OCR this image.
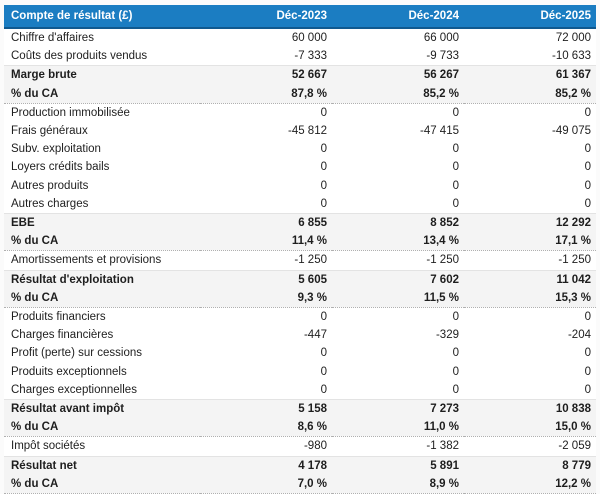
Compte de résultat (£)	Déc-2023	Déc-2024	Déc-2025
Chiffre d'affaires	60 000	66 000	72 000
Coûts des produits vendus	-7 333	-9 733	-10 633
Marge brute	52 667	56 267	61 367
% du CA	87,8 %	85,2 %	85,2 %
Production immobilisée	0	0	0
Frais généraux	-45 812	-47 415	-49 075
Subv. exploitation	0	0	0
Loyers crédits bails	0	0	0
Autres produits	0	0	0
Autres charges	0	0	0
EBE	6 855	8 852	12 292
% du CA	11,4 %	13,4 %	17,1 %
Amortissements et provisions	-1 250	-1 250	-1 250
Résultat d'exploitation	5 605	7 602	11 042
% du CA	9,3 %	11,5 %	15,3 %
Produits financiers	0	0	0
Charges financières	-447	-329	-204
Profit (perte) sur cessions	0	0	0
Produits exceptionnels	0	0	0
Charges exceptionnelles	0	0	0
Résultat avant impôt	5 158	7 273	10 838
% du CA	8,6 %	11,0 %	15,0 %
Impôt sociétés	-980	-1 382	-2 059
Résultat net	4 178	5 891	8 779
% du CA	7,0 %	8,9 %	12,2 %
